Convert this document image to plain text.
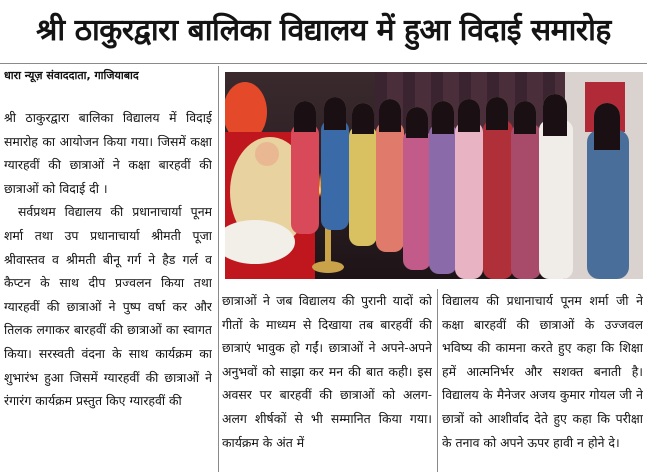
श्री ठाकुरद्वारा बालिका विद्यालय में हुआ विदाई समारोह
धारा न्यूज़ संवाददाता, गाजियाबाद

श्री ठाकुरद्वारा बालिका विद्यालय में विदाई समारोह का आयोजन किया गया। जिसमें कक्षा ग्यारहवीं की छात्राओं ने कक्षा बारहवीं की छात्राओं को विदाई दी ।

सर्वप्रथम विद्यालय की प्रधानाचार्या पूनम शर्मा तथा उप प्रधानाचार्या श्रीमती पूजा श्रीवास्तव व श्रीमती बीनू गर्ग ने हैड गर्ल व कैप्टन के साथ दीप प्रज्वलन किया तथा ग्यारहवीं की छात्राओं ने पुष्प वर्षा कर और तिलक लगाकर बारहवीं की छात्राओं का स्वागत किया। सरस्वती वंदना के साथ कार्यक्रम का शुभारंभ हुआ जिसमें ग्यारहवीं की छात्राओं ने रंगारंग कार्यक्रम प्रस्तुत किए ग्यारहवीं की

छात्राओं ने जब विद्यालय की पुरानी यादों को गीतों के माध्यम से दिखाया तब बारहवीं की छात्राएं भावुक हो गईं। छात्राओं ने अपने-अपने अनुभवों को साझा कर मन की बात कही। इस अवसर पर बारहवीं की छात्राओं को अलग-अलग शीर्षकों से भी सम्मानित किया गया। कार्यक्रम के अंत में

विद्यालय की प्रधानाचार्य पूनम शर्मा जी ने कक्षा बारहवीं की छात्राओं के उज्जवल भविष्य की कामना करते हुए कहा कि शिक्षा हमें आत्मनिर्भर और सशक्त बनाती है। विद्यालय के मैनेजर अजय कुमार गोयल जी ने छात्रों को आशीर्वाद देते हुए कहा कि परीक्षा के तनाव को अपने ऊपर हावी न होने दे।
